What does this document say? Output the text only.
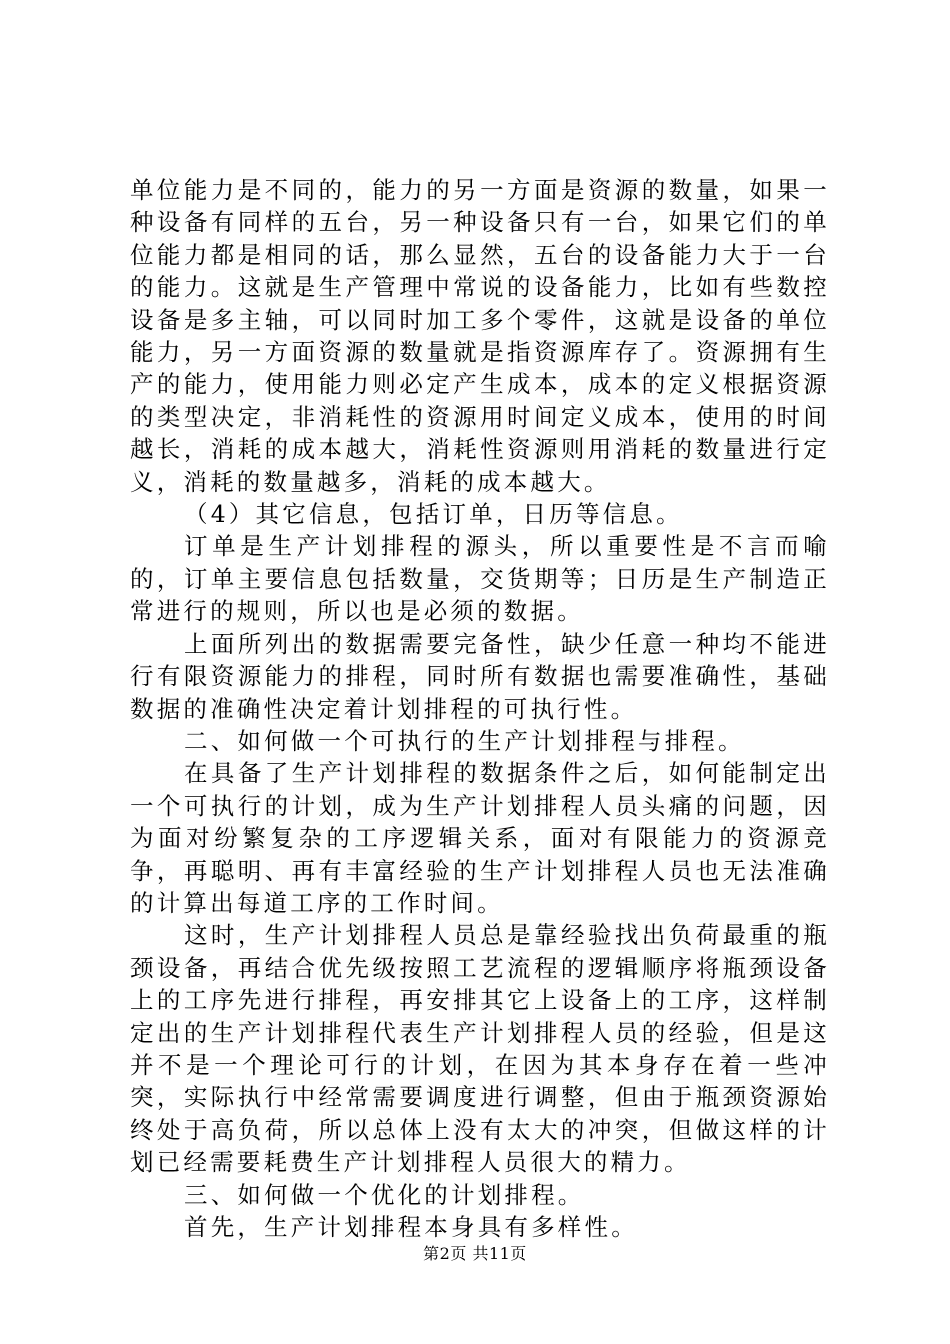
单位能力是不同的，能力的另一方面是资源的数量，如果一种设备有同样的五台，另一种设备只有一台，如果它们的单位能力都是相同的话，那么显然，五台的设备能力大于一台的能力。这就是生产管理中常说的设备能力，比如有些数控设备是多主轴，可以同时加工多个零件，这就是设备的单位能力，另一方面资源的数量就是指资源库存了。资源拥有生产的能力，使用能力则必定产生成本，成本的定义根据资源的类型决定，非消耗性的资源用时间定义成本，使用的时间越长，消耗的成本越大，消耗性资源则用消耗的数量进行定义，消耗的数量越多，消耗的成本越大。

（4）其它信息，包括订单，日历等信息。

订单是生产计划排程的源头，所以重要性是不言而喻的，订单主要信息包括数量，交货期等；日历是生产制造正常进行的规则，所以也是必须的数据。

上面所列出的数据需要完备性，缺少任意一种均不能进行有限资源能力的排程，同时所有数据也需要准确性，基础数据的准确性决定着计划排程的可执行性。

二、如何做一个可执行的生产计划排程与排程。

在具备了生产计划排程的数据条件之后，如何能制定出一个可执行的计划，成为生产计划排程人员头痛的问题，因为面对纷繁复杂的工序逻辑关系，面对有限能力的资源竞争，再聪明、再有丰富经验的生产计划排程人员也无法准确的计算出每道工序的工作时间。

这时，生产计划排程人员总是靠经验找出负荷最重的瓶颈设备，再结合优先级按照工艺流程的逻辑顺序将瓶颈设备上的工序先进行排程，再安排其它上设备上的工序，这样制定出的生产计划排程代表生产计划排程人员的经验，但是这并不是一个理论可行的计划，在因为其本身存在着一些冲突，实际执行中经常需要调度进行调整，但由于瓶颈资源始终处于高负荷，所以总体上没有太大的冲突，但做这样的计划已经需要耗费生产计划排程人员很大的精力。

三、如何做一个优化的计划排程。

首先，生产计划排程本身具有多样性。

第2页 共11页
